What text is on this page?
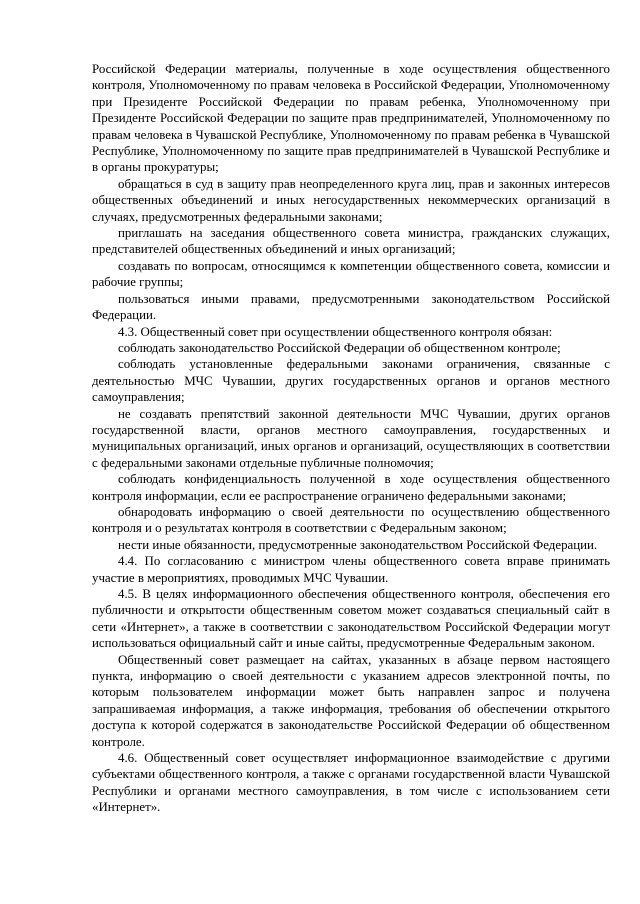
Российской Федерации материалы, полученные в ходе осуществления общественного контроля, Уполномоченному по правам человека в Российской Федерации, Уполномоченному при Президенте Российской Федерации по правам ребенка, Уполномоченному при Президенте Российской Федерации по защите прав предпринимателей, Уполномоченному по правам человека в Чувашской Республике, Уполномоченному по правам ребенка в Чувашской Республике, Уполномоченному по защите прав предпринимателей в Чувашской Республике и в органы прокуратуры;

обращаться в суд в защиту прав неопределенного круга лиц, прав и законных интересов общественных объединений и иных негосударственных некоммерческих организаций в случаях, предусмотренных федеральными законами;

приглашать на заседания общественного совета министра, гражданских служащих, представителей общественных объединений и иных организаций;

создавать по вопросам, относящимся к компетенции общественного совета, комиссии и рабочие группы;

пользоваться иными правами, предусмотренными законодательством Российской Федерации.

4.3. Общественный совет при осуществлении общественного контроля обязан:

соблюдать законодательство Российской Федерации об общественном контроле;

соблюдать установленные федеральными законами ограничения, связанные с деятельностью МЧС Чувашии, других государственных органов и органов местного самоуправления;

не создавать препятствий законной деятельности МЧС Чувашии, других органов государственной власти, органов местного самоуправления, государственных и муниципальных организаций, иных органов и организаций, осуществляющих в соответствии с федеральными законами отдельные публичные полномочия;

соблюдать конфиденциальность полученной в ходе осуществления общественного контроля информации, если ее распространение ограничено федеральными законами;

обнародовать информацию о своей деятельности по осуществлению общественного контроля и о результатах контроля в соответствии с Федеральным законом;

нести иные обязанности, предусмотренные законодательством Российской Федерации.

4.4. По согласованию с министром члены общественного совета вправе принимать участие в мероприятиях, проводимых МЧС Чувашии.

4.5. В целях информационного обеспечения общественного контроля, обеспечения его публичности и открытости общественным советом может создаваться специальный сайт в сети «Интернет», а также в соответствии с законодательством Российской Федерации могут использоваться официальный сайт и иные сайты, предусмотренные Федеральным законом.

Общественный совет размещает на сайтах, указанных в абзаце первом настоящего пункта, информацию о своей деятельности с указанием адресов электронной почты, по которым пользователем информации может быть направлен запрос и получена запрашиваемая информация, а также информация, требования об обеспечении открытого доступа к которой содержатся в законодательстве Российской Федерации об общественном контроле.

4.6. Общественный совет осуществляет информационное взаимодействие с другими субъектами общественного контроля, а также с органами государственной власти Чувашской Республики и органами местного самоуправления, в том числе с использованием сети «Интернет».
